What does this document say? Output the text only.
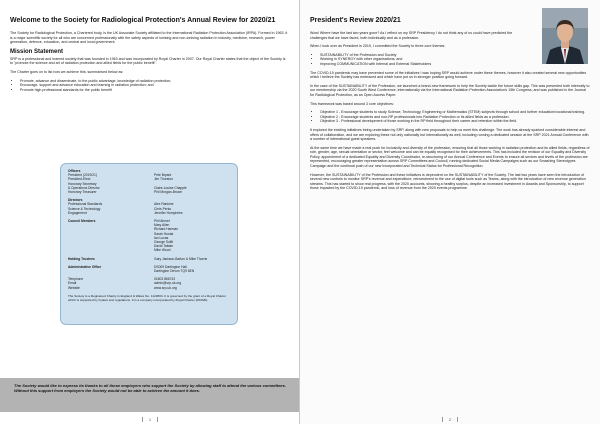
Welcome to the Society for Radiological Protection's Annual Review for 2020/21

The Society for Radiological Protection, a Chartered body, is the UK Associate Society affiliated to the International Radiation Protection Association (IRPA). Formed in 1963, it is a major scientific society for all who are concerned professionally with the safety aspects of ionising and non-ionising radiation in industry, medicine, research, power generation, defence, education, and central and local government.

Mission Statement

SRP is a professional and learned society that was founded in 1963 and was incorporated by Royal Charter in 2007. Our Royal Charter states that the object of the Society is to "promote the science and art of radiation protection and allied fields for the public benefit".

The Charter goes on to list how we achieve this; summarised below as:

• Promote, advance and disseminate, to the public advantage, knowledge of radiation protection;
• Encourage, support and advance education and learning in radiation protection; and
• Promote high professional standards for the public benefit
Officers
President (2019/21)	Pete Bryant
President-Elect	Jim Thurston
Honorary Secretary
& Operations Director	Claire-Louise Chapple
Honorary Treasurer	Phil Morgan-Brown
Directors
Professional Standards	Alex Rankine
Science & Technology	Chris Perks
Engagement	Jennifer Humphries
Council Members	Phil Ahmet
Mary Allen
Richard Harman
Sarah Hunak
Ian Lucas
George Sollit
David Tattam
Mike Wood
Holding Trustees	Gary Jackson-Barton & Mike Thorne
Administrative Office	DS009 Dartington Hall
Dartington Devon TQ9 6EN
Telephone	01803 866743
Email	admin@srp-uk.org
Website	www.srp-uk.org
The Society is a Registered Charity in England & Wales No. 1122804. It is governed by the grant of a Royal Charter which is supported by bylaws and regulations. It is a company incorporated by Royal Charter (RC820).

The Society would like to express its thanks to all those employers who support the Society by allowing staff to attend the various committees. Without this support from employers the Society would not be able to achieve the amount it does.

1
President's Review 2020/21

Wow! Where have the last two years gone? As I reflect on my SRP Presidency I do not think any of us could have predicted the challenges that we have faced, both individually and as a profession.

When I took over as President in 2019, I committed the Society to three core themes:

• SUSTAINABILITY of the Profession and Society
• Working in SYNERGY with other organisations, and
• Improving COMMUNICATION with Internal and External Stakeholders

The COVID-19 pandemic may have prevented some of the initiatives I was hoping SRP would achieve under these themes, however it also created several new opportunities which I believe the Society has embraced and which have put us in stronger position going forward.

In the case of the SUSTAINABILITY of the Profession, we launched a brand-new framework to help the Society tackle the future skills gap. This was presented both internally to our membership via the 2020 South West Conference, internationally via the International Radiation Protection Association's 15th Congress, and was published in the Journal for Radiological Protection, as an Open Access Paper.

This framework was based around 3 core objectives:

• Objective 1 - Encourage students to study Science, Technology, Engineering or Mathematics (STEM) subjects through school and further education/vocational training.
• Objective 2 - Encourage students and non-RP professionals into Radiation Protection or its allied fields as a profession.
• Objective 3 - Professional development of those working in the RP field throughout their career and retention within the field.

It explored the existing initiatives being undertaken by SRP, along with new proposals to help us meet this challenge. The work has already sparked considerable interest and offers of collaboration, and we are exploring these not only nationally but internationally as well, including running a dedicated session at the SRP 2021 Annual Conference with a number of international guest speakers.

At the same time we have made a real push for inclusivity and diversity of the profession, ensuring that all those working in radiation protection and its allied fields, regardless of role, gender, age, sexual orientation or sector, feel welcome and can be equally recognised for their achievements. This has included the revision of our Equality and Diversity Policy, appointment of a dedicated Equality and Diversity Coordinator, re-structuring of our Annual Conference and Events to ensure all sectors and levels of the profession are represented, encouraging greater representation across SRP Committees and Council, running dedicated Social Media Campaigns such as our Smashing Stereotypes Campaign and the continual push of our new Incorporated and Technical Status for Professional Recognition.

However, the SUSTAINABILITY of the Profession and these initiatives is dependent on the SUSTAINABILITY of the Society. The last two years have seen the introduction of several new controls to monitor SRP's revenue and expenditure, reinvestment to the use of digital tools such as Teams, along with the introduction of new revenue generation streams. This has started to show real progress, with the 2020 accounts, showing a healthy surplus, despite an increased investment in Awards and Sponsorship, to support those impacted by the COVID-19 pandemic, and loss of revenue from the 2020 events programme.

2
